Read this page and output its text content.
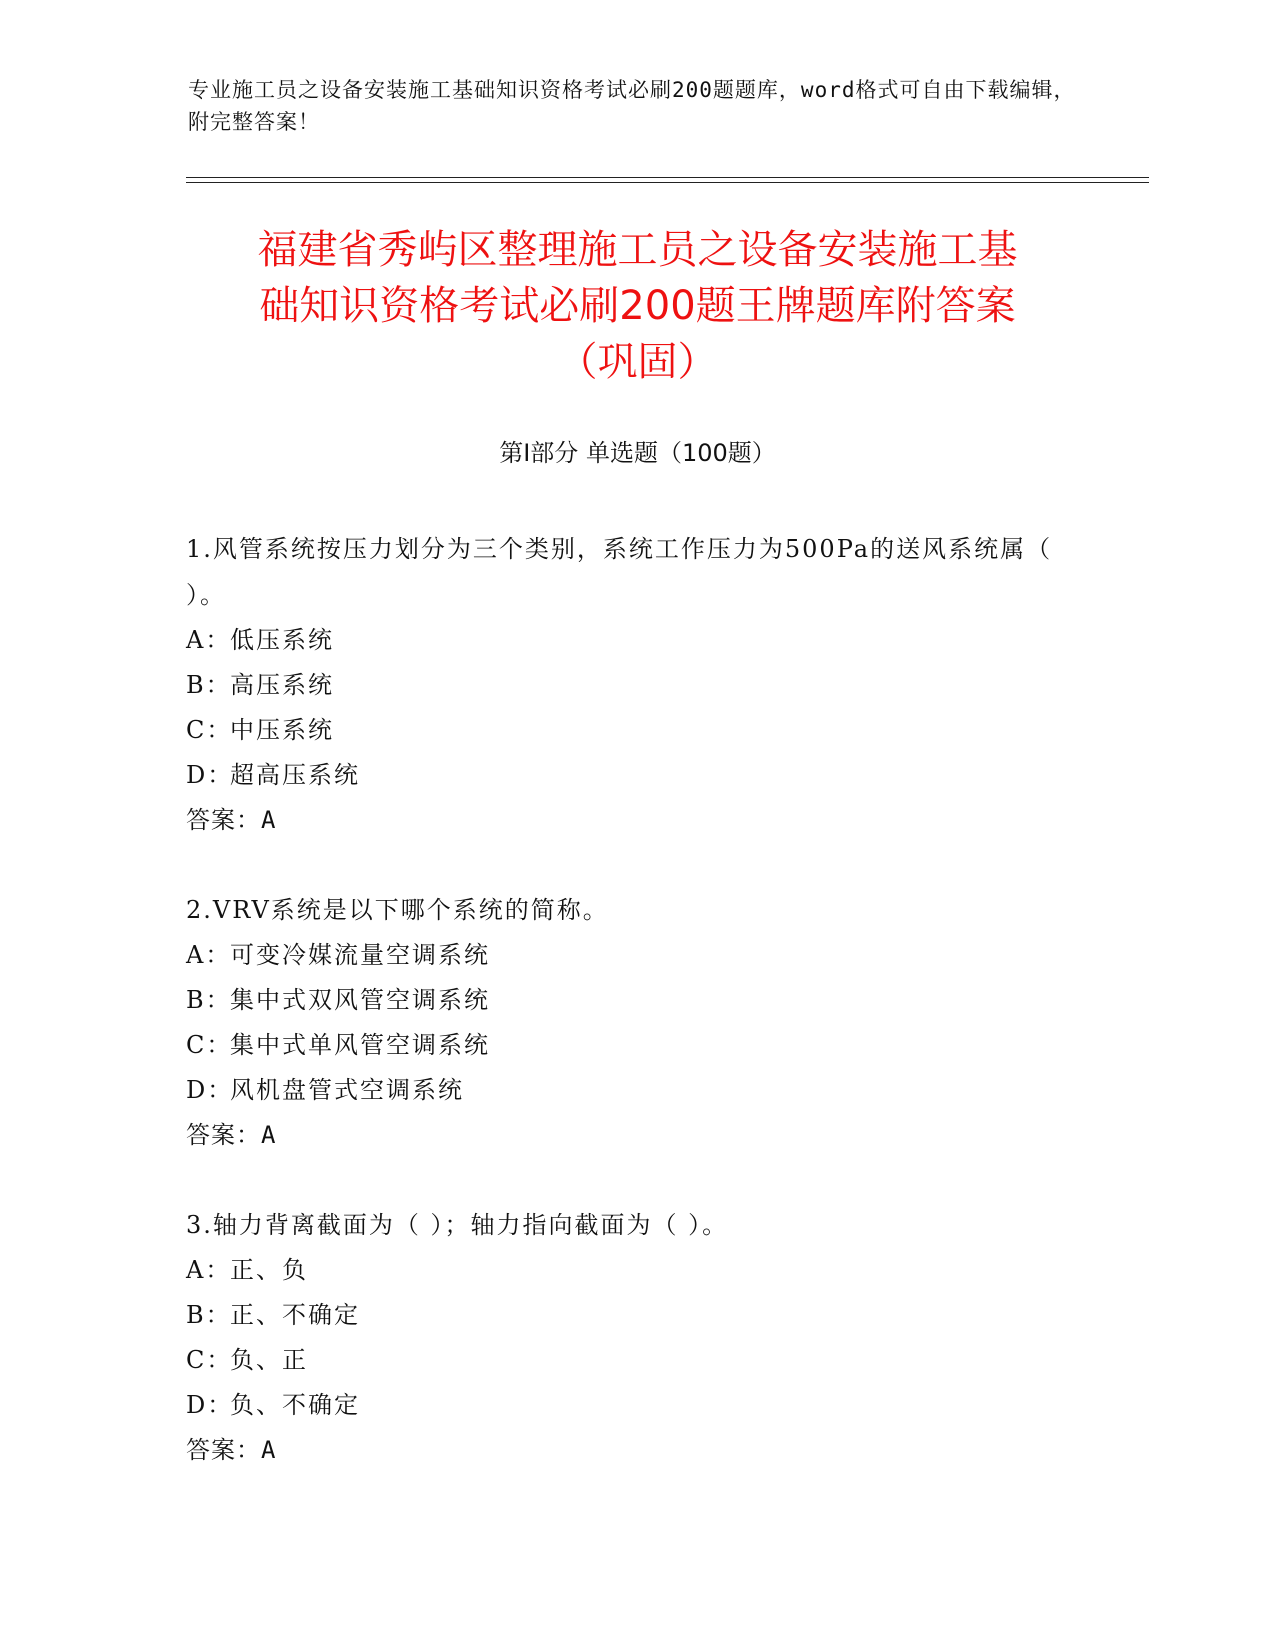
专业施工员之设备安装施工基础知识资格考试必刷200题题库，word格式可自由下载编辑，附完整答案！
福建省秀屿区整理施工员之设备安装施工基
础知识资格考试必刷200题王牌题库附答案
（巩固）
第Ⅰ部分 单选题（100题）
1.风管系统按压力划分为三个类别，系统工作压力为500Pa的送风系统属（ ）。
A：
低压系统
B：
高压系统
C：
中压系统
D：
超高压系统
答案：A
2.VRV系统是以下哪个系统的简称。
A：
可变冷媒流量空调系统
B：
集中式双风管空调系统
C：
集中式单风管空调系统
D：
风机盘管式空调系统
答案：A
3.轴力背离截面为（ ）；轴力指向截面为（ ）。
A：
正、负
B：
正、不确定
C：
负、正
D：
负、不确定
答案：A
